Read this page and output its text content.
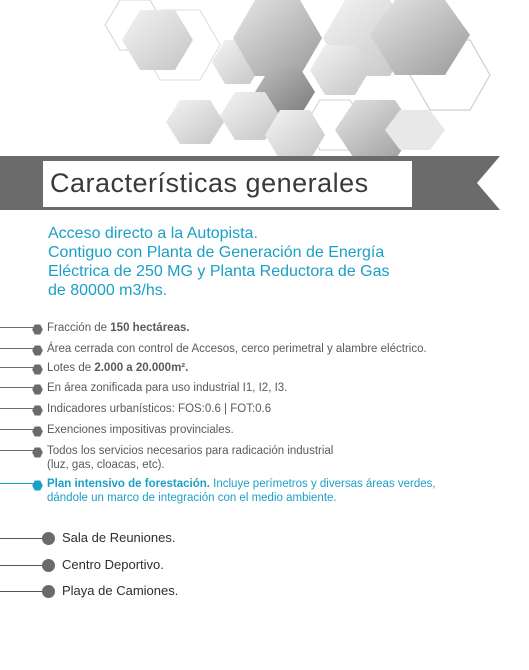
Características generales
Acceso directo a la Autopista.
Contiguo con Planta de Generación de Energía
Eléctrica de 250 MG y Planta Reductora de Gas
de 80000 m3/hs.
Fracción de 150 hectáreas.
Área cerrada con control de Accesos, cerco perimetral y alambre eléctrico.
Lotes de 2.000 a 20.000m².
En área zonificada para uso industrial I1, I2, I3.
Indicadores urbanísticos: FOS:0.6 | FOT:0.6
Exenciones impositivas provinciales.
Todos los servicios necesarios para radicación industrial
(luz, gas, cloacas, etc).
Plan intensivo de forestación. Incluye perímetros y diversas áreas verdes,
dándole un marco de integración con el medio ambiente.
Sala de Reuniones.
Centro Deportivo.
Playa de Camiones.
